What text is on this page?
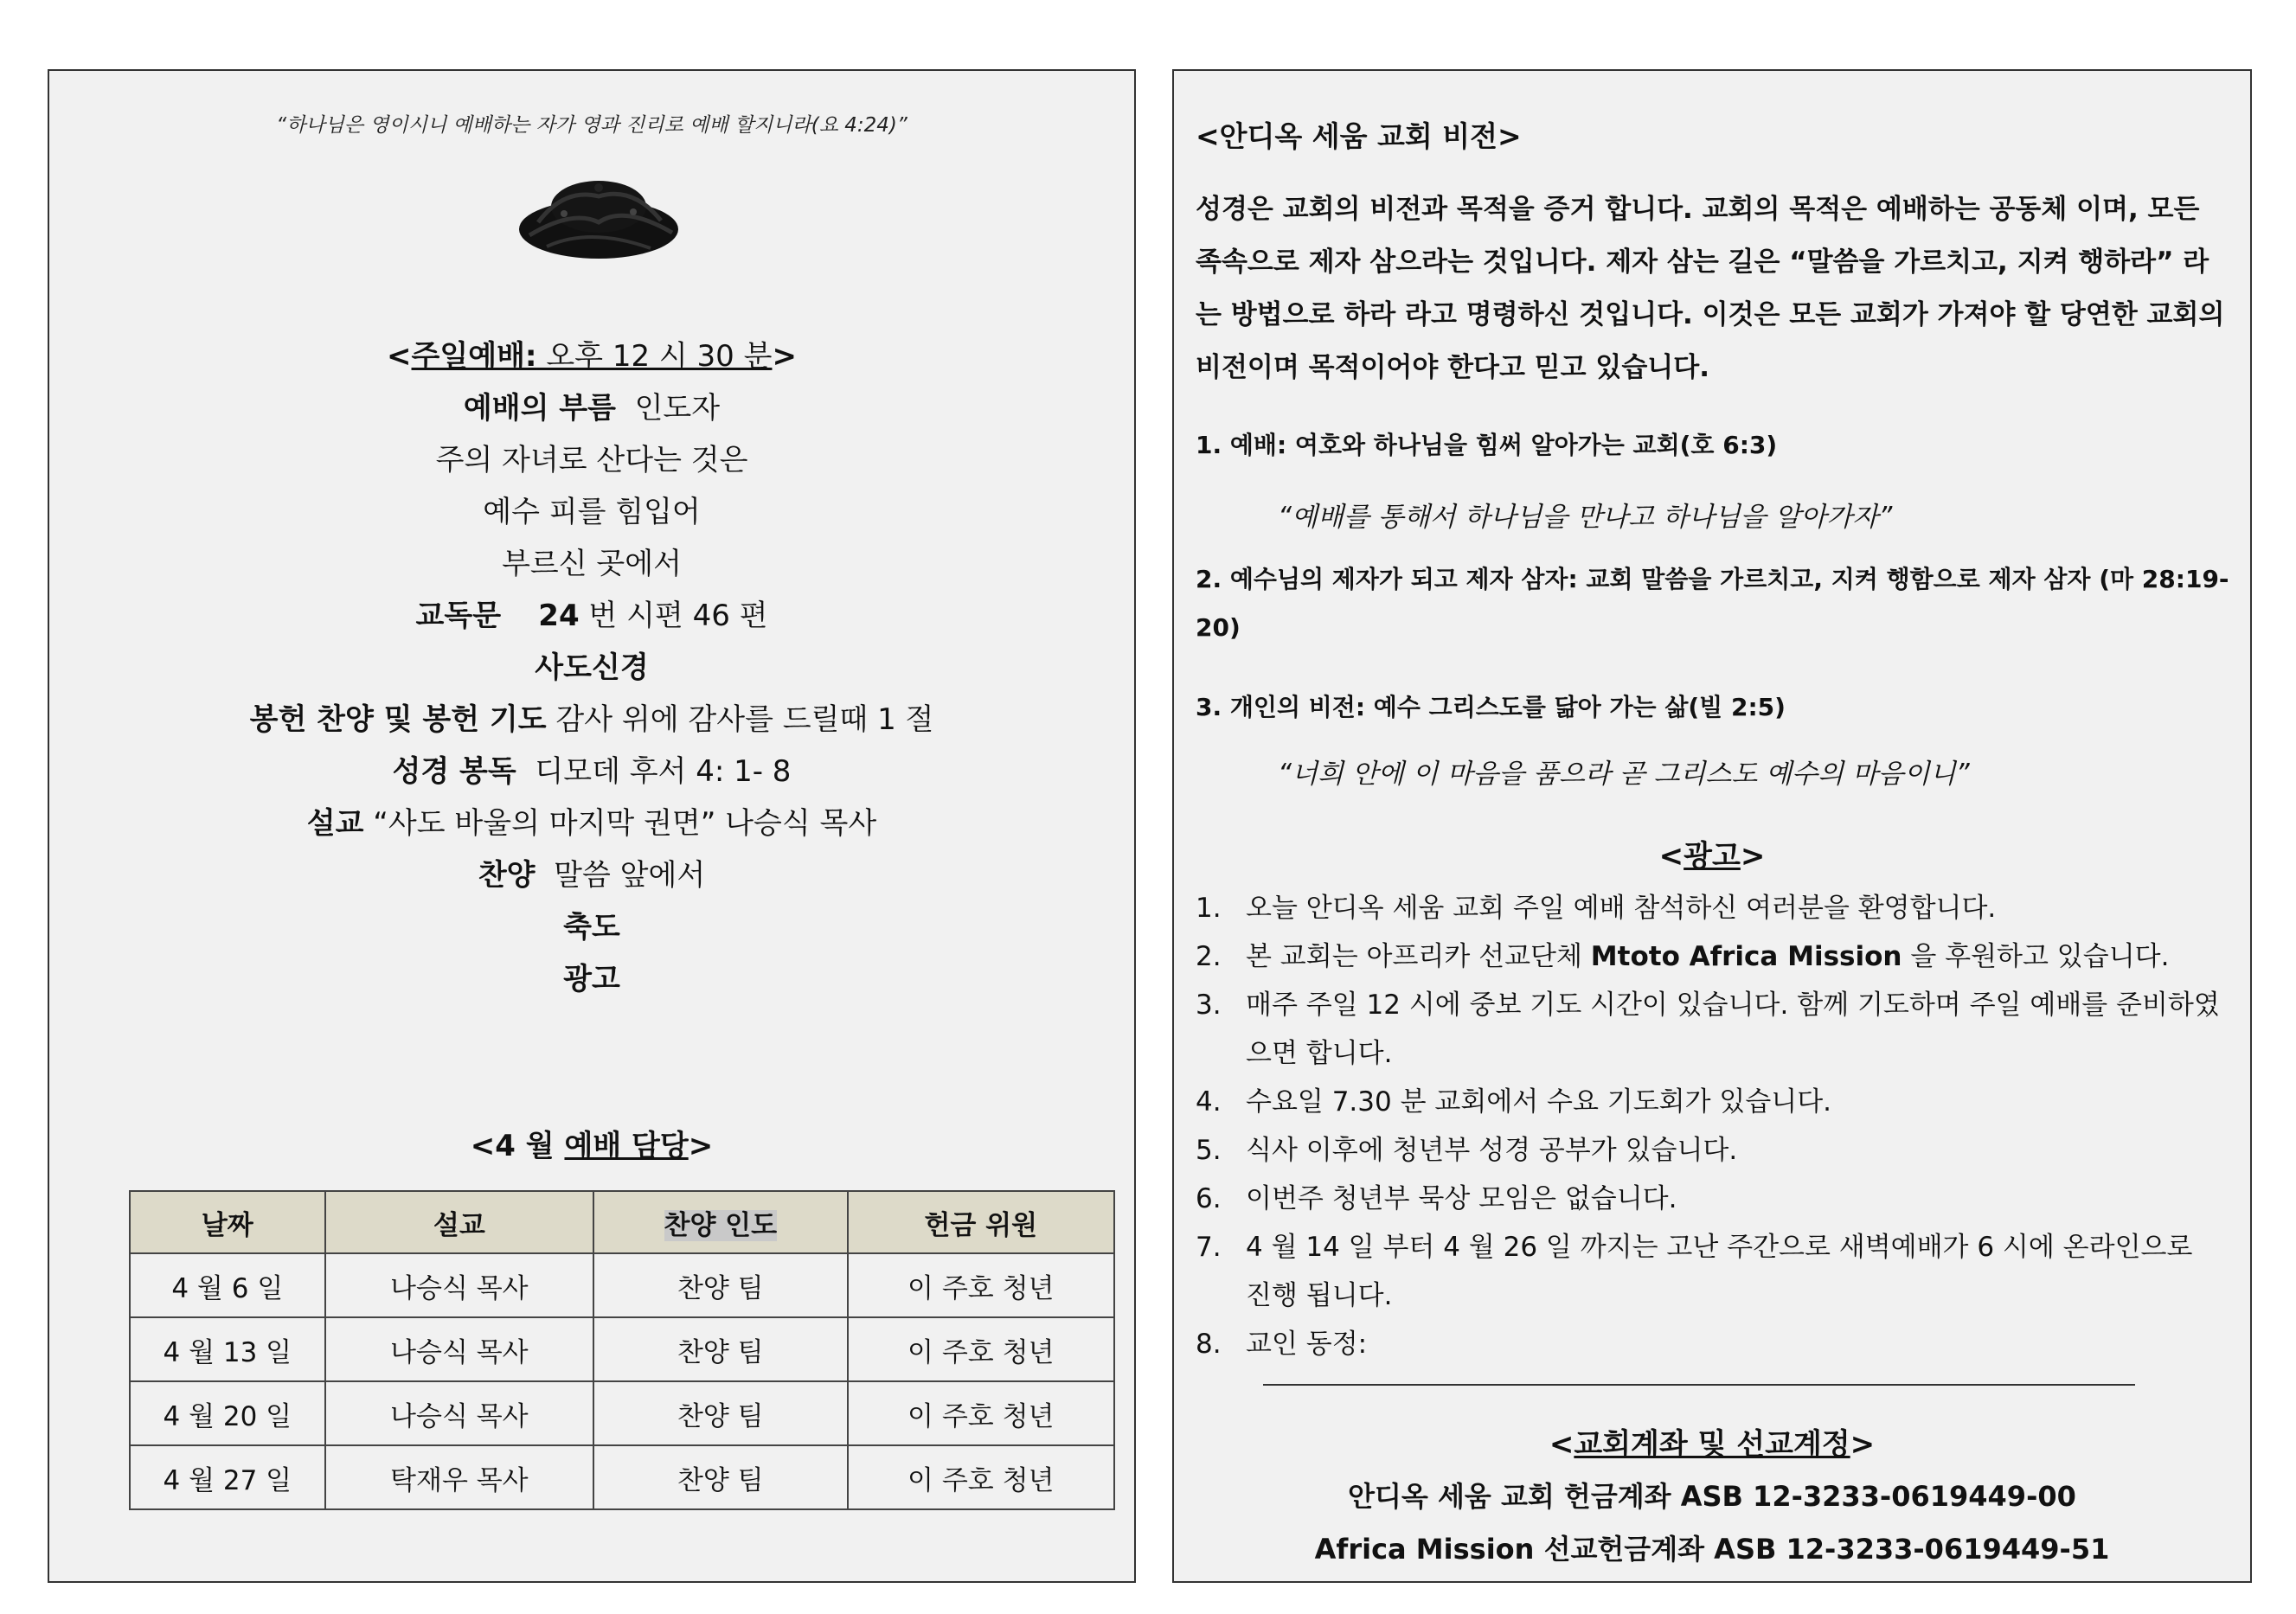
“하나님은 영이시니 예배하는 자가 영과 진리로 예배 할지니라(요 4:24)”
<주일예배: 오후 12 시 30 분>
예배의 부름 인도자
주의 자녀로 산다는 것은
예수 피를 힘입어
부르신 곳에서
교독문 24 번 시편 46 편
사도신경
봉헌 찬양 및 봉헌 기도 감사 위에 감사를 드릴때 1 절
성경 봉독 디모데 후서 4: 1- 8
설교 “사도 바울의 마지막 권면” 나승식 목사
찬양 말씀 앞에서
축도
광고
<4 월 예배 담당>
날짜	설교	찬양 인도	헌금 위원
4 월 6 일	나승식 목사	찬양 팀	이 주호 청년
4 월 13 일	나승식 목사	찬양 팀	이 주호 청년
4 월 20 일	나승식 목사	찬양 팀	이 주호 청년
4 월 27 일	탁재우 목사	찬양 팀	이 주호 청년
<안디옥 세움 교회 비전>
성경은 교회의 비전과 목적을 증거 합니다. 교회의 목적은 예배하는 공동체 이며, 모든 족속으로 제자 삼으라는 것입니다. 제자 삼는 길은 “말씀을 가르치고, 지켜 행하라” 라는 방법으로 하라 라고 명령하신 것입니다. 이것은 모든 교회가 가져야 할 당연한 교회의 비전이며 목적이어야 한다고 믿고 있습니다.
1. 예배: 여호와 하나님을 힘써 알아가는 교회(호 6:3)
“예배를 통해서 하나님을 만나고 하나님을 알아가자”
2. 예수님의 제자가 되고 제자 삼자: 교회 말씀을 가르치고, 지켜 행함으로 제자 삼자 (마 28:19-20)
3. 개인의 비전: 예수 그리스도를 닮아 가는 삶(빌 2:5)
“너희 안에 이 마음을 품으라 곧 그리스도 예수의 마음이니”
<광고>
1. 오늘 안디옥 세움 교회 주일 예배 참석하신 여러분을 환영합니다.
2. 본 교회는 아프리카 선교단체 Mtoto Africa Mission 을 후원하고 있습니다.
3. 매주 주일 12 시에 중보 기도 시간이 있습니다. 함께 기도하며 주일 예배를 준비하였으면 합니다.
4. 수요일 7.30 분 교회에서 수요 기도회가 있습니다.
5. 식사 이후에 청년부 성경 공부가 있습니다.
6. 이번주 청년부 묵상 모임은 없습니다.
7. 4 월 14 일 부터 4 월 26 일 까지는 고난 주간으로 새벽예배가 6 시에 온라인으로 진행 됩니다.
8. 교인 동정:
<교회계좌 및 선교계정>
안디옥 세움 교회 헌금계좌 ASB 12-3233-0619449-00
Africa Mission 선교헌금계좌 ASB 12-3233-0619449-51
